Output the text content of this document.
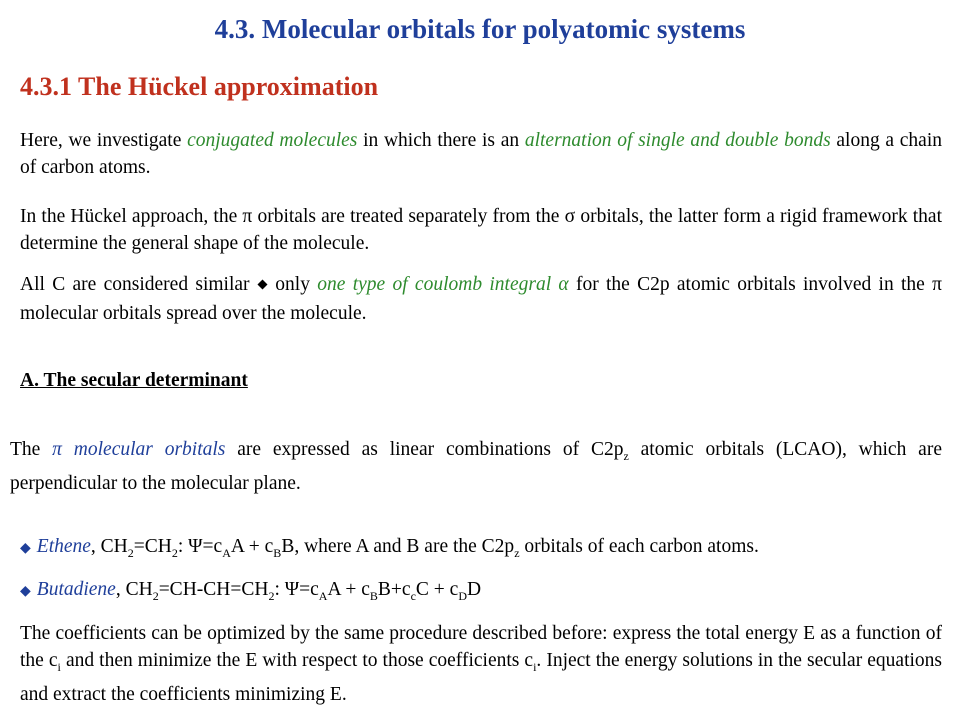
4.3. Molecular orbitals for polyatomic systems
4.3.1 The Hückel approximation
Here, we investigate conjugated molecules in which there is an alternation of single and double bonds along a chain of carbon atoms.
In the Hückel approach, the π orbitals are treated separately from the σ orbitals, the latter form a rigid framework that determine the general shape of the molecule.
All C are considered similar ⯁ only one type of coulomb integral α for the C2p atomic orbitals involved in the π molecular orbitals spread over the molecule.
A. The secular determinant
The π molecular orbitals are expressed as linear combinations of $C2p_z$ atomic orbitals (LCAO), which are perpendicular to the molecular plane.
◆ Ethene, $CH_2=CH_2$: $\Psi=c_AA + c_BB$, where A and B are the $C2p_z$ orbitals of each carbon atoms.
◆ Butadiene, $CH_2=CH-CH=CH_2$: $\Psi=c_AA + c_BB+c_cC + c_DD$
The coefficients can be optimized by the same procedure described before: express the total energy E as a function of the $c_i$ and then minimize the E with respect to those coefficients $c_i$. Inject the energy solutions in the secular equations and extract the coefficients minimizing E.
